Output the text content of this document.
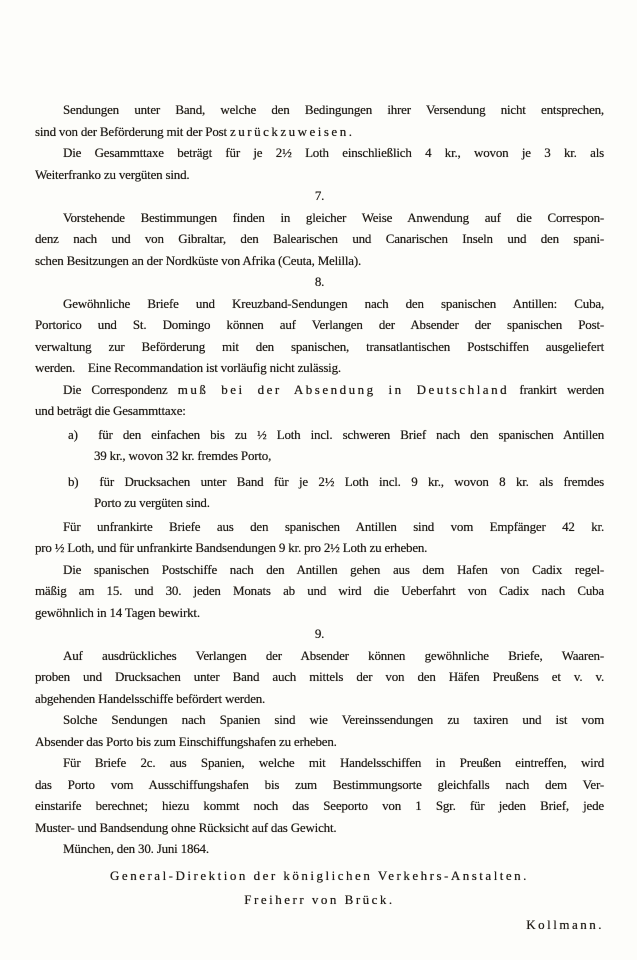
Sendungen unter Band, welche den Bedingungen ihrer Versendung nicht entsprechen,
sind von der Beförderung mit der Post zurückzuweisen.
Die Gesammttaxe beträgt für je 2½ Loth einschließlich 4 kr., wovon je 3 kr. als
Weiterfranko zu vergüten sind.
7.
Vorstehende Bestimmungen finden in gleicher Weise Anwendung auf die Correspon-
denz nach und von Gibraltar, den Balearischen und Canarischen Inseln und den spani-
schen Besitzungen an der Nordküste von Afrika (Ceuta, Melilla).
8.
Gewöhnliche Briefe und Kreuzband-Sendungen nach den spanischen Antillen: Cuba,
Portorico und St. Domingo können auf Verlangen der Absender der spanischen Post-
verwaltung zur Beförderung mit den spanischen, transatlantischen Postschiffen ausgeliefert
werden. Eine Recommandation ist vorläufig nicht zulässig.
Die Correspondenz muß bei der Absendung in Deutschland frankirt werden
und beträgt die Gesammttaxe:
a)  für den einfachen bis zu ½ Loth incl. schweren Brief nach den spanischen Antillen
39 kr., wovon 32 kr. fremdes Porto,
b)  für Drucksachen unter Band für je 2½ Loth incl. 9 kr., wovon 8 kr. als fremdes
Porto zu vergüten sind.
Für unfrankirte Briefe aus den spanischen Antillen sind vom Empfänger 42 kr.
pro ½ Loth, und für unfrankirte Bandsendungen 9 kr. pro 2½ Loth zu erheben.
Die spanischen Postschiffe nach den Antillen gehen aus dem Hafen von Cadix regel-
mäßig am 15. und 30. jeden Monats ab und wird die Ueberfahrt von Cadix nach Cuba
gewöhnlich in 14 Tagen bewirkt.
9.
Auf ausdrückliches Verlangen der Absender können gewöhnliche Briefe, Waaren-
proben und Drucksachen unter Band auch mittels der von den Häfen Preußens et v. v.
abgehenden Handelsschiffe befördert werden.
Solche Sendungen nach Spanien sind wie Vereinssendungen zu taxiren und ist vom
Absender das Porto bis zum Einschiffungshafen zu erheben.
Für Briefe 2c. aus Spanien, welche mit Handelsschiffen in Preußen eintreffen, wird
das Porto vom Ausschiffungshafen bis zum Bestimmungsorte gleichfalls nach dem Ver-
einstarife berechnet; hiezu kommt noch das Seeporto von 1 Sgr. für jeden Brief, jede
Muster- und Bandsendung ohne Rücksicht auf das Gewicht.
München, den 30. Juni 1864.
General-Direktion der königlichen Verkehrs-Anstalten.
Freiherr von Brück.
Kollmann.
